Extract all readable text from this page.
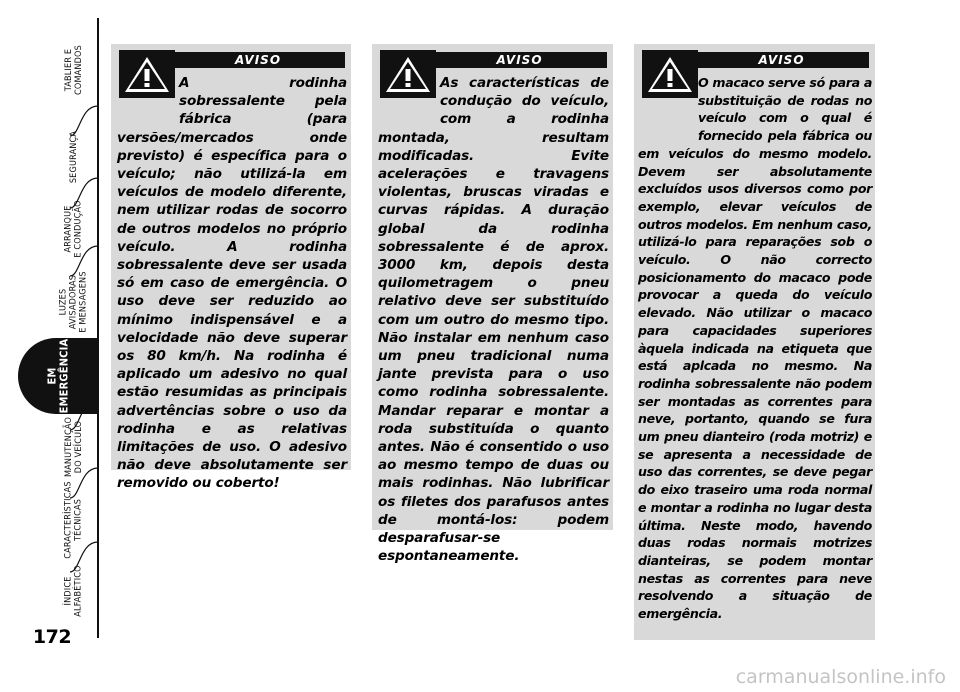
TABLIER E
COMANDOS
SEGURANÇA
ARRANQUE
E CONDUÇÃO
LUZES
AVISADORAS
E MENSAGENS
EM
EMERGÊNCIA
MANUTENÇÃO
DO VEÍCULO
CARACTERÍSTICAS
TÉCNICAS
ÍNDICE
ALFABÉTICO
172
AVISO
A rodinha sobressalente pela fábrica (para versões/mercados onde previsto) é específica para o veículo; não utilizá-la em veículos de modelo diferente, nem utilizar rodas de socorro de outros modelos no próprio veículo. A rodinha sobressalente deve ser usada só em caso de emergência. O uso deve ser reduzido ao mínimo indispensável e a velocidade não deve superar os 80 km/h. Na rodinha é aplicado um adesivo no qual estão resumidas as principais advertências sobre o uso da rodinha e as relativas limitações de uso. O adesivo não deve absolutamente ser removido ou coberto!
AVISO
As características de condução do veículo, com a rodinha montada, resultam modificadas. Evite acelerações e travagens violentas, bruscas viradas e curvas rápidas. A duração global da rodinha sobressalente é de aprox. 3000 km, depois desta quilometragem o pneu relativo deve ser substituído com um outro do mesmo tipo. Não instalar em nenhum caso um pneu tradicional numa jante prevista para o uso como rodinha sobressalente. Mandar reparar e montar a roda substituída o quanto antes. Não é consentido o uso ao mesmo tempo de duas ou mais rodinhas. Não lubrificar os filetes dos parafusos antes de montá-los: podem desparafusar-se espontaneamente.
AVISO
O macaco serve só para a substituição de rodas no veículo com o qual é fornecido pela fábrica ou em veículos do mesmo modelo. Devem ser absolutamente excluídos usos diversos como por exemplo, elevar veículos de outros modelos. Em nenhum caso, utilizá-lo para reparações sob o veículo. O não correcto posicionamento do macaco pode provocar a queda do veículo elevado. Não utilizar o macaco para capacidades superiores àquela indicada na etiqueta que está aplcada no mesmo. Na rodinha sobressalente não podem ser montadas as correntes para neve, portanto, quando se fura um pneu dianteiro (roda motriz) e se apresenta a necessidade de uso das correntes, se deve pegar do eixo traseiro uma roda normal e montar a rodinha no lugar desta última. Neste modo, havendo duas rodas normais motrizes dianteiras, se podem montar nestas as correntes para neve resolvendo a situação de emergência.
carmanualsonline.info
